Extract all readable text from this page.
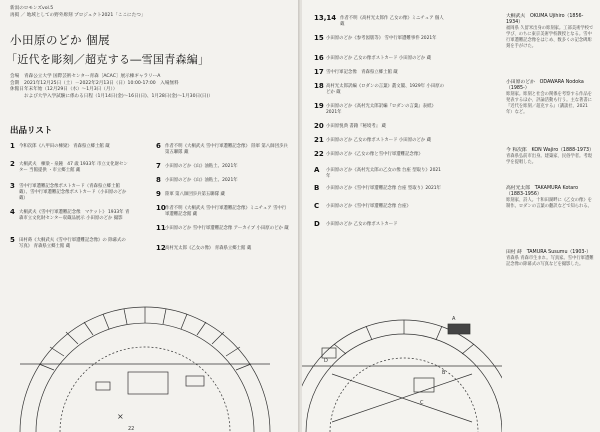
新潟のロモンズvol.5
再掲 ／ 地域としての野外彫刻 プロジェクト2021「ここにたつ」
小田原のどか 個展
「近代を彫刻／超克する―雪国青森編」
会場 青森公立大学 国際芸術センター青森［ACAC］展示棟ギャラリーA
会期 2021年12月25日（土）－2022年2月13日（日）10:00-17:00　入場無料
休館日年末年始（12月29日（水）～1月3日（月））
および大学入学試験に係わる日程（1月14日(金)～16日(日)、1月28日(金)～1月30日(日)）
出品リスト
1 今和次郎《八甲田の棟梁》 青森県立郷土館 蔵
2 大桐武夫　棟梁・泉鐘　47 歳 1933年 市立文化財センター 当館提供 ・市立郷土館 藏
3 雪中行軍遭難記念像ポストカード（青森県立郷土館 蔵）、雪中行軍遭難記念像ポストカード（小田原のどか蔵）
4 大桐武夫《雪中行軍遭難記念像　マケット》 1933年 青森市立文化財センター収蔵品展示 小田原のどか 撮影
5 田村蒔《大桐武夫《雪中行軍遭難記念像》の 除幕式の写真》 青森県立郷土館 蔵
6 作者不明《大桐武夫 雪中行軍遭難記念像》 陸軍 第八師団歩兵第五聯隊 藏
7 小田原のどか《山》油粘土、2021年
8 小田原のどか《山》油粘土、2021年
9 陸軍 第八師団歩兵第五聯隊 藏
10 作者不明《大桐武夫 雪中行軍遭難記念像》ミニチュア 雪中行軍遭難記念館 藏
11 小田原のどか 雪中行軍遭難記念像 アーカイブ 小田原のどか 蔵
12 高村光太郎《乙女の像》 青森県立郷土館 蔵
×
22
13,14 作者不明《高村光太郎作 乙女の像》ミニチュア 個人蔵
15 小田原のどか《参考図版等》 雪中行軍遭難事件 2021年
16 小田原のどか 乙女の像ポストカード 小田原のどか 蔵
17 雪中行軍記念像　青森県立郷土館 蔵
18 高村光太郎訳編《ロダンの言葉》叢文閣、1929年 小田原のどか 蔵
19 小田原のどか《高村光太郎訳編『ロダンの言葉』表紙》 2021年
20 小田原悦典 書籍『秘境考』 蔵
21 小田原のどか 乙女の像ポストカード 小田原のどか 蔵
22 小田原のどか《乙女の像と雪中行軍遭難記念像》
A 小田原のどか《高村光太郎の乙女の像 台座 型取り》2021年
B 小田原のどか《雪中行軍遭難記念像 台座 型取り》2021年
C 小田原のどか《雪中行軍遭難記念像 台座》
D 小田原のどか 乙女の像ポストカード
大桐武夫　OKUMA Ujihiro（1856-1934）
福岡県 久留米出身の彫刻家。工部美術学校で学び、のちに東京美術学校教授となる。雪中行軍遭難記念像をはじめ、数多くの記念碑彫刻を手がけた。
小田原のどか　ODAWARA Nodoka（1985-）
彫刻家。彫刻と社会の関係を考察する作品を発表するほか、評論活動も行う。主な著書に『近代を彫刻／超克する』（講談社、2021年）など。
今 和次郎　KON Wajiro（1888-1973）
青森県弘前市出身。建築家、民俗学者。考現学を提唱した。
高村光太郎　TAKAMURA Kotaro（1883-1956）
彫刻家、詩人。十和田湖畔に《乙女の像》を制作。ロダンの言葉の翻訳などで知られる。
田村 蒔　TAMURA Susumu（1903-）
青森県 青森市生まれ。写真家。雪中行軍遭難記念像の除幕式の写真などを撮影した。
A
B
C
D
